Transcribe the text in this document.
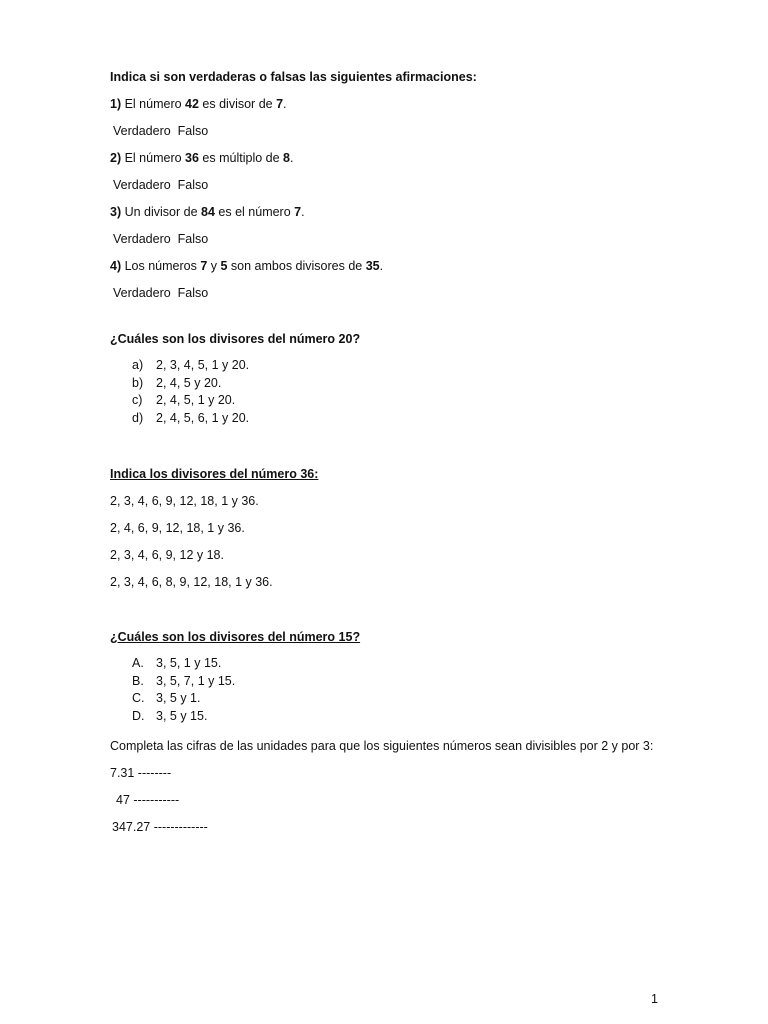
Indica si son verdaderas o falsas las siguientes afirmaciones:

1) El número 42 es divisor de 7.

Verdadero  Falso

2) El número 36 es múltiplo de 8.

Verdadero  Falso

3) Un divisor de 84 es el número 7.

Verdadero  Falso

4) Los números 7 y 5 son ambos divisores de 35.

Verdadero  Falso

¿Cuáles son los divisores del número 20?

a)	2, 3, 4, 5, 1 y 20.
b)	2, 4, 5 y 20.
c)	2, 4, 5, 1 y 20.
d)	2, 4, 5, 6, 1 y 20.

Indica los divisores del número 36:

2, 3, 4, 6, 9, 12, 18, 1 y 36.

2, 4, 6, 9, 12, 18, 1 y 36.

2, 3, 4, 6, 9, 12 y 18.

2, 3, 4, 6, 8, 9, 12, 18, 1 y 36.

¿Cuáles son los divisores del número 15?

A. 3, 5, 1 y 15.
B. 3, 5, 7, 1 y 15.
C. 3, 5 y 1.
D. 3, 5 y 15.

Completa las cifras de las unidades para que los siguientes números sean divisibles por 2 y por 3:

7.31 --------

47 -----------

347.27 -------------

1
